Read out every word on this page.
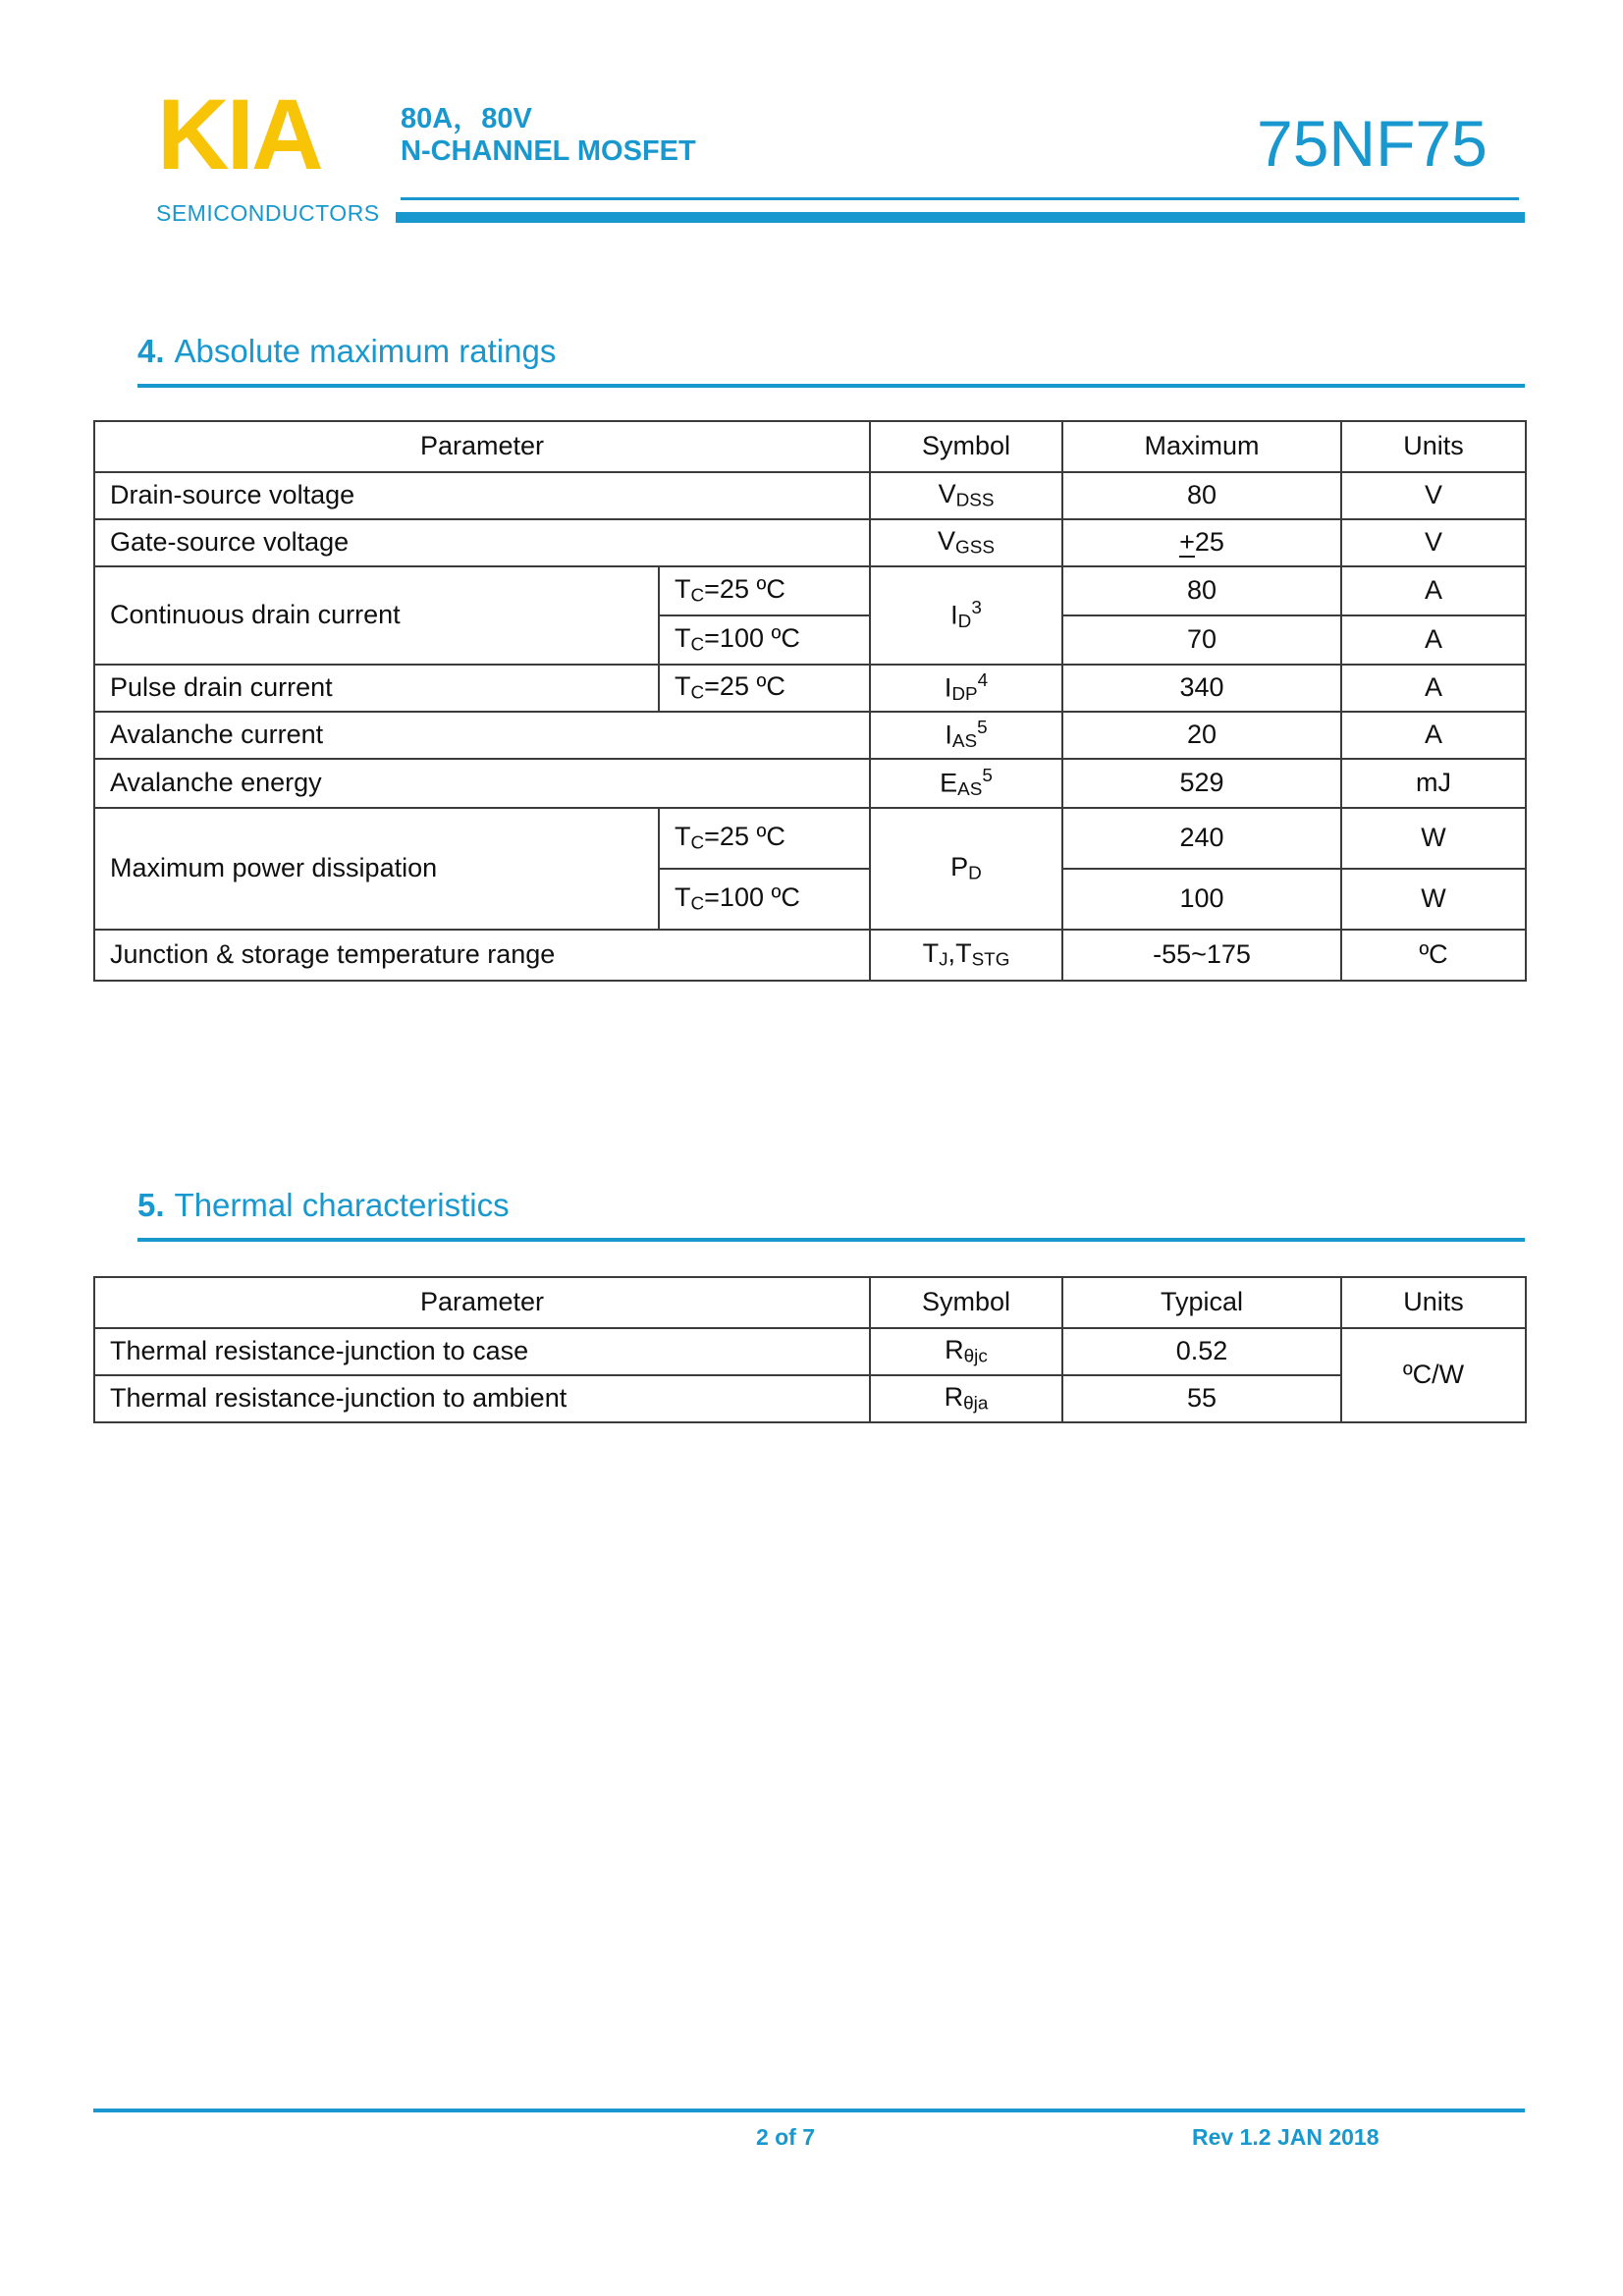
KIA
SEMICONDUCTORS
80A，80V
N-CHANNEL MOSFET	75NF75
4. Absolute maximum ratings
Parameter		Symbol	Maximum	Units
Drain-source voltage		$V_{DSS}$	80	V
Gate-source voltage		$V_{GSS}$	+25	V
Continuous drain current	$T_C=25$ ºC	$I_D^3$	80	A
	$T_C=100$ ºC		70	A
Pulse drain current	$T_C=25$ ºC	$I_{DP}^4$	340	A
Avalanche current		$I_{AS}^5$	20	A
Avalanche energy		$E_{AS}^5$	529	mJ
Maximum power dissipation	$T_C=25$ ºC	$P_D$	240	W
	$T_C=100$ ºC		100	W
Junction & storage temperature range		$T_J,T_{STG}$	-55~175	ºC
5. Thermal characteristics
Parameter	Symbol	Typical	Units
Thermal resistance-junction to case	$R_{\theta jc}$	0.52	ºC/W
Thermal resistance-junction to ambient	$R_{\theta ja}$	55	
2 of 7	Rev 1.2 JAN 2018
